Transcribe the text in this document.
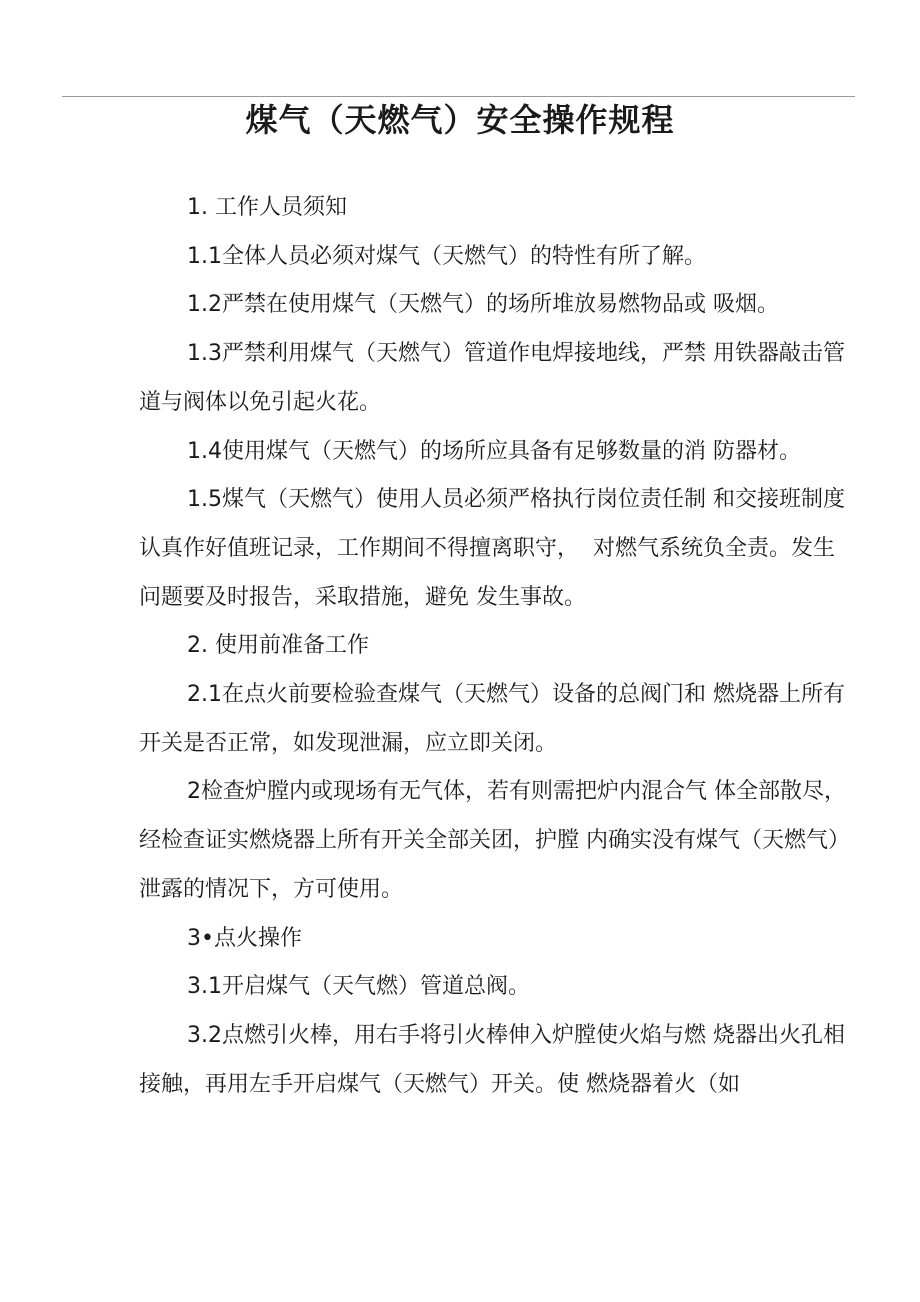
煤气（天燃气）安全操作规程

1. 工作人员须知

1.1全体人员必须对煤气（天燃气）的特性有所了解。

1.2严禁在使用煤气（天燃气）的场所堆放易燃物品或 吸烟。

1.3严禁利用煤气（天燃气）管道作电焊接地线，严禁 用铁器敲击管道与阀体以免引起火花。

1.4使用煤气（天燃气）的场所应具备有足够数量的消 防器材。

1.5煤气（天燃气）使用人员必须严格执行岗位责任制 和交接班制度认真作好值班记录，工作期间不得擅离职守，  对燃气系统负全责。发生问题要及时报告，采取措施，避免 发生事故。

2. 使用前准备工作

2.1在点火前要检验查煤气（天燃气）设备的总阀门和 燃烧器上所有开关是否正常，如发现泄漏，应立即关闭。

2检查炉膛内或现场有无气体，若有则需把炉内混合气 体全部散尽，经检查证实燃烧器上所有开关全部关团，护膛 内确实没有煤气（天燃气）泄露的情况下，方可使用。

3•点火操作

3.1开启煤气（天气燃）管道总阀。

3.2点燃引火棒，用右手将引火棒伸入炉膛使火焰与燃 烧器出火孔相接触，再用左手开启煤气（天燃气）开关。使 燃烧器着火（如
